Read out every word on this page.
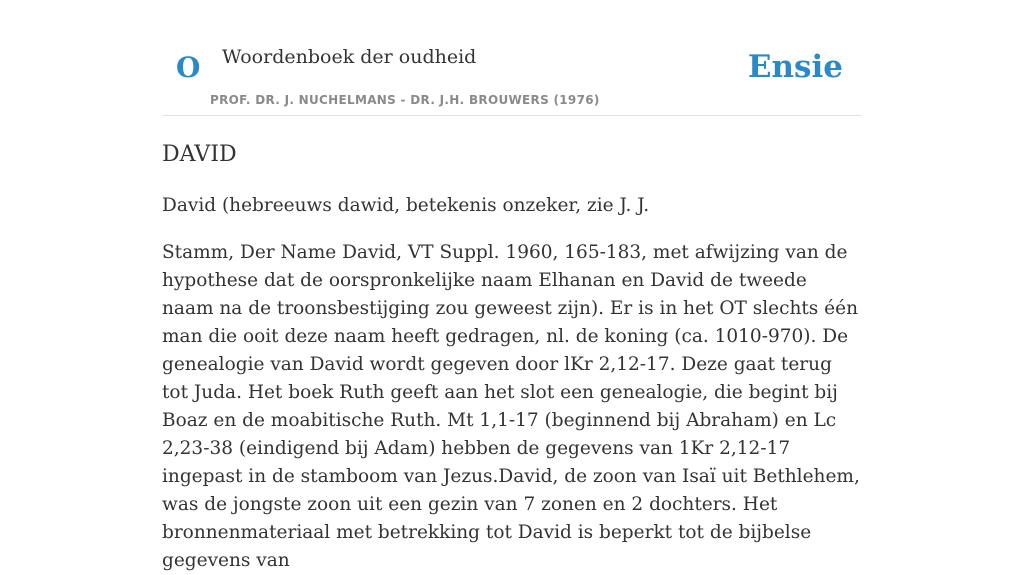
O Woordenboek der oudheid
PROF. DR. J. NUCHELMANS - DR. J.H. BROUWERS (1976)
Ensie
DAVID

David (hebreeuws dawid, betekenis onzeker, zie J. J.

Stamm, Der Name David, VT Suppl. 1960, 165-183, met afwijzing van de hypothese dat de oorspronkelijke naam Elhanan en David de tweede naam na de troonsbestijging zou geweest zijn). Er is in het OT slechts één man die ooit deze naam heeft gedragen, nl. de koning (ca. 1010-970). De genealogie van David wordt gegeven door lKr 2,12-17. Deze gaat terug tot Juda. Het boek Ruth geeft aan het slot een genealogie, die begint bij Boaz en de moabitische Ruth. Mt 1,1-17 (beginnend bij Abraham) en Lc 2,23-38 (eindigend bij Adam) hebben de gegevens van 1Kr 2,12-17 ingepast in de stamboom van Jezus.David, de zoon van Isaï uit Bethlehem, was de jongste zoon uit een gezin van 7 zonen en 2 dochters. Het bronnenmateriaal met betrekking tot David is beperkt tot de bijbelse gegevens van
